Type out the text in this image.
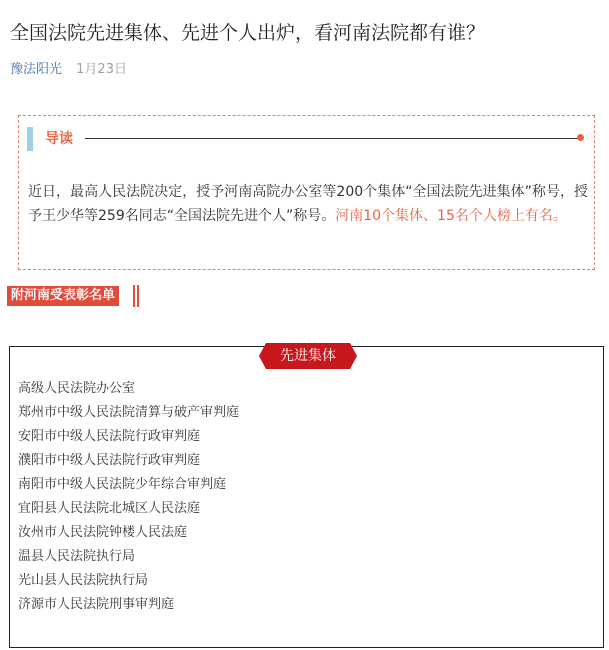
全国法院先进集体、先进个人出炉，看河南法院都有谁？
豫法阳光 1月23日
导读

近日，最高人民法院决定，授予河南高院办公室等200个集体“全国法院先进集体”称号，授予王少华等259名同志“全国法院先进个人”称号。河南10个集体、15名个人榜上有名。

附河南受表彰名单
先进集体
高级人民法院办公室
郑州市中级人民法院清算与破产审判庭
安阳市中级人民法院行政审判庭
濮阳市中级人民法院行政审判庭
南阳市中级人民法院少年综合审判庭
宜阳县人民法院北城区人民法庭
汝州市人民法院钟楼人民法庭
温县人民法院执行局
光山县人民法院执行局
济源市人民法院刑事审判庭
